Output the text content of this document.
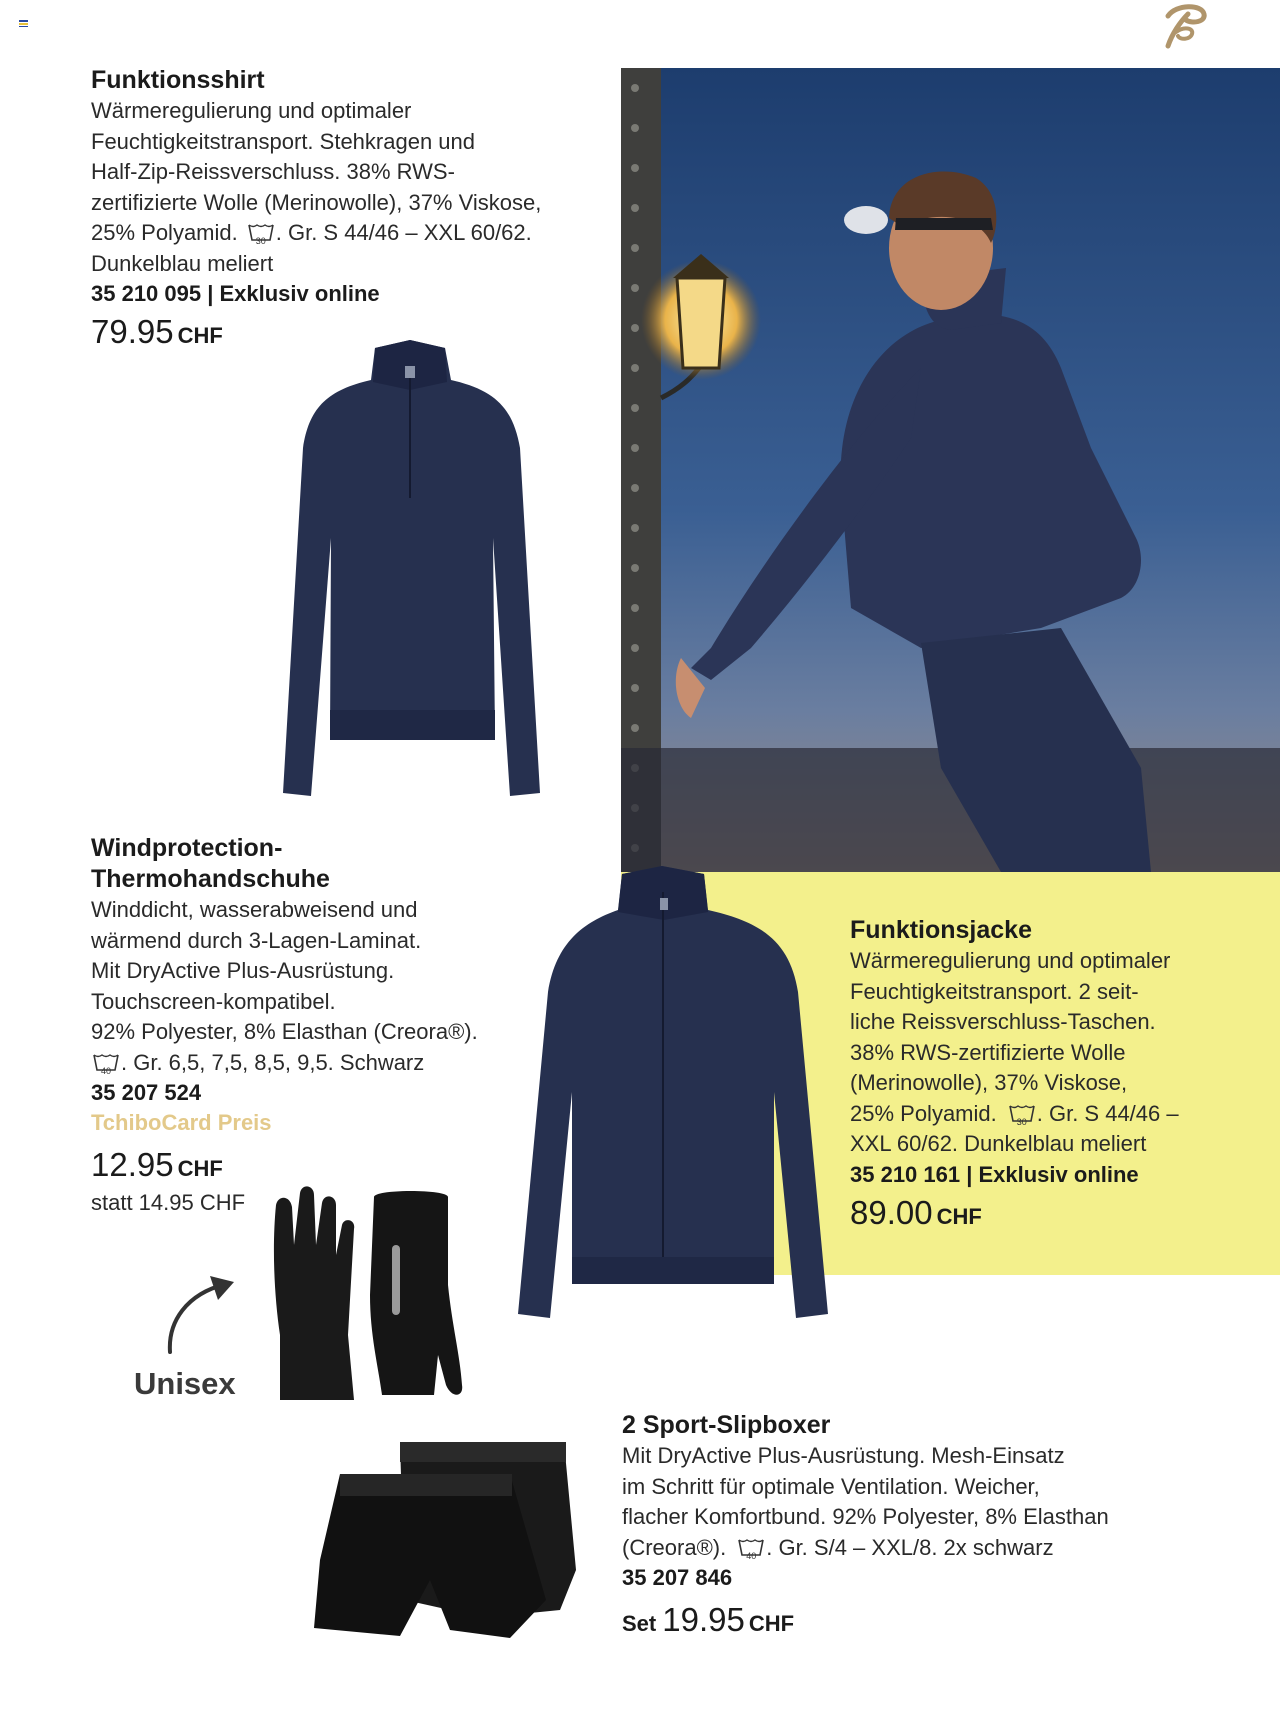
Funktionsshirt
Wärmeregulierung und optimaler
Feuchtigkeitstransport. Stehkragen und
Half-Zip-Reissverschluss. 38% RWS-
zertifizierte Wolle (Merinowolle), 37% Viskose,
25% Polyamid.	30 . Gr. S 44/46 – XXL 60/62.
Dunkelblau meliert
35 210 095 | Exklusiv online
79.95 CHF
Funktionsjacke
Wärmeregulierung und optimaler
Feuchtigkeitstransport. 2 seit-
liche Reissverschluss-Taschen.
38% RWS-zertifizierte Wolle
(Merinowolle), 37% Viskose,
25% Polyamid.	30 . Gr. S 44/46 –
XXL 60/62. Dunkelblau meliert
35 210 161 | Exklusiv online
89.00 CHF
Windprotection-
Thermohandschuhe
Winddicht, wasserabweisend und
wärmend durch 3-Lagen-Laminat.
Mit DryActive Plus-Ausrüstung.
Touchscreen-kompatibel.
92% Polyester, 8% Elasthan (Creora®).
40 . Gr. 6,5, 7,5, 8,5, 9,5. Schwarz
35 207 524
TchiboCard Preis
12.95 CHF
statt 14.95 CHF
Unisex
2 Sport-Slipboxer
Mit DryActive Plus-Ausrüstung. Mesh-Einsatz
im Schritt für optimale Ventilation. Weicher,
flacher Komfortbund. 92% Polyester, 8% Elasthan
(Creora®).	40 . Gr. S/4 – XXL/8. 2x schwarz
35 207 846
Set 19.95 CHF
